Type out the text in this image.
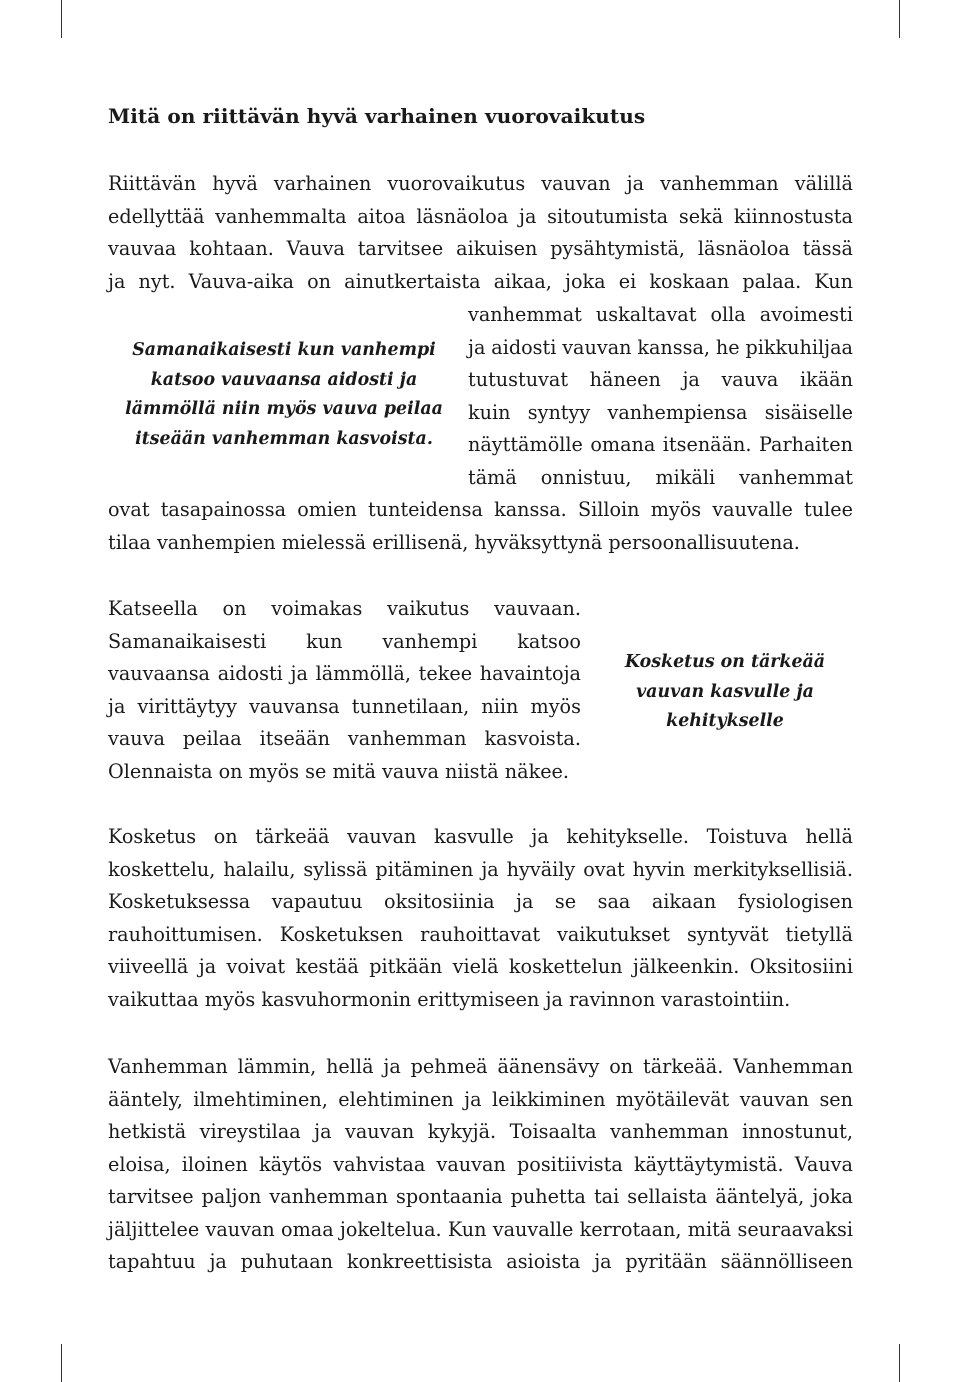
Mitä on riittävän hyvä varhainen vuorovaikutus
Riittävän hyvä varhainen vuorovaikutus vauvan ja vanhemman välillä
edellyttää vanhemmalta aitoa läsnäoloa ja sitoutumista sekä kiinnostusta
vauvaa kohtaan. Vauva tarvitsee aikuisen pysähtymistä, läsnäoloa tässä
ja nyt. Vauva-aika on ainutkertaista aikaa, joka ei koskaan palaa. Kun
Samanaikaisesti kun vanhempi
katsoo vauvaansa aidosti ja
lämmöllä niin myös vauva peilaa
itseään vanhemman kasvoista.
vanhemmat uskaltavat olla avoimesti
ja aidosti vauvan kanssa, he pikkuhiljaa
tutustuvat häneen ja vauva ikään
kuin syntyy vanhempiensa sisäiselle
näyttämölle omana itsenään. Parhaiten
tämä onnistuu, mikäli vanhemmat
ovat tasapainossa omien tunteidensa kanssa. Silloin myös vauvalle tulee
tilaa vanhempien mielessä erillisenä, hyväksyttynä persoonallisuutena.
Katseella on voimakas vaikutus vauvaan.
Samanaikaisesti kun vanhempi katsoo
vauvaansa aidosti ja lämmöllä, tekee havaintoja
ja virittäytyy vauvansa tunnetilaan, niin myös
vauva peilaa itseään vanhemman kasvoista.
Olennaista on myös se mitä vauva niistä näkee.
Kosketus on tärkeää
vauvan kasvulle ja
kehitykselle
Kosketus on tärkeää vauvan kasvulle ja kehitykselle. Toistuva hellä
koskettelu, halailu, sylissä pitäminen ja hyväily ovat hyvin merkityksellisiä.
Kosketuksessa vapautuu oksitosiinia ja se saa aikaan fysiologisen
rauhoittumisen. Kosketuksen rauhoittavat vaikutukset syntyvät tietyllä
viiveellä ja voivat kestää pitkään vielä koskettelun jälkeenkin. Oksitosiini
vaikuttaa myös kasvuhormonin erittymiseen ja ravinnon varastointiin.
Vanhemman lämmin, hellä ja pehmeä äänensävy on tärkeää. Vanhemman
ääntely, ilmehtiminen, elehtiminen ja leikkiminen myötäilevät vauvan sen
hetkistä vireystilaa ja vauvan kykyjä. Toisaalta vanhemman innostunut,
eloisa, iloinen käytös vahvistaa vauvan positiivista käyttäytymistä. Vauva
tarvitsee paljon vanhemman spontaania puhetta tai sellaista ääntelyä, joka
jäljittelee vauvan omaa jokeltelua. Kun vauvalle kerrotaan, mitä seuraavaksi
tapahtuu ja puhutaan konkreettisista asioista ja pyritään säännölliseen
